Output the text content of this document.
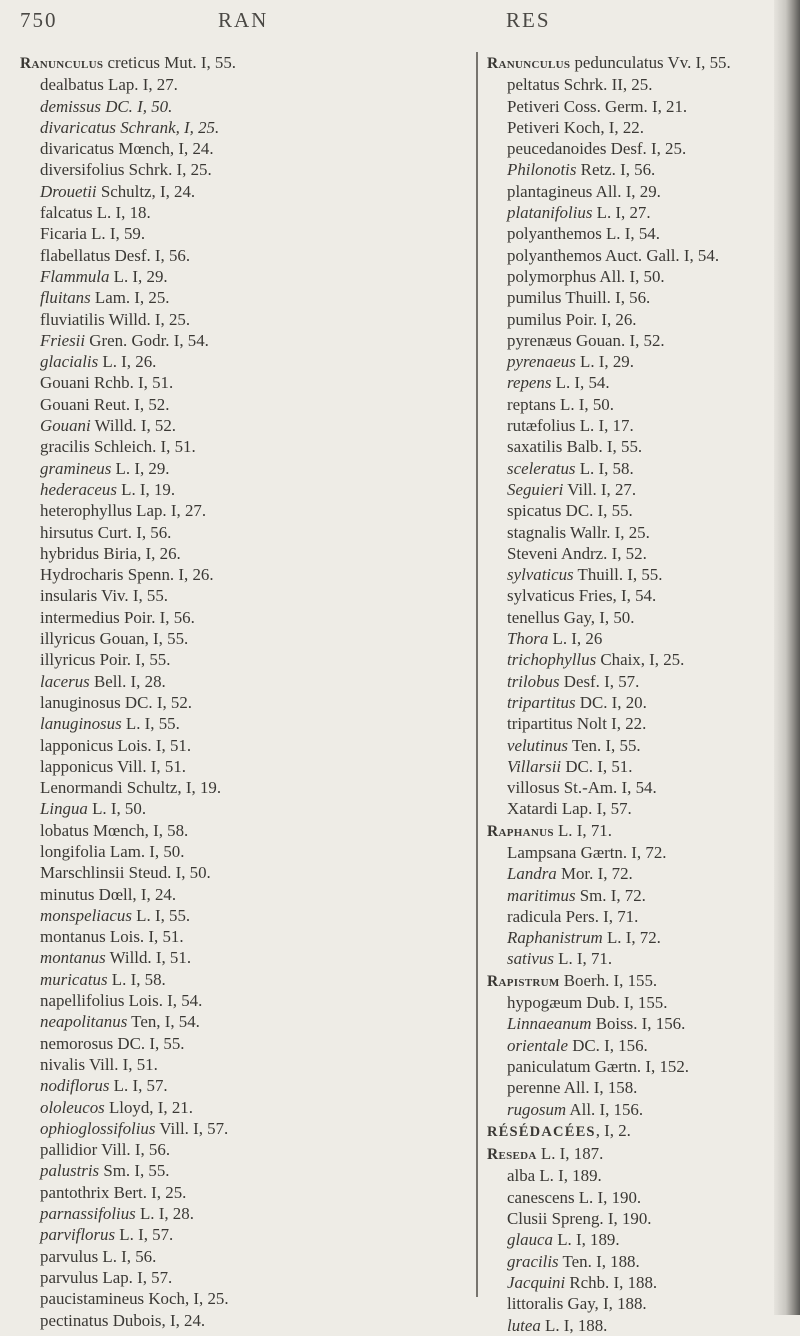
750	RAN	RES
Ranunculus creticus Mut. I, 55.
dealbatus Lap. I, 27.
demissus DC. I, 50.
divaricatus Schrank, I, 25.
divaricatus Mœnch, I, 24.
diversifolius Schrk. I, 25.
Drouetii Schultz, I, 24.
falcatus L. I, 18.
Ficaria L. I, 59.
flabellatus Desf. I, 56.
Flammula L. I, 29.
fluitans Lam. I, 25.
fluviatilis Willd. I, 25.
Friesii Gren. Godr. I, 54.
glacialis L. I, 26.
Gouani Rchb. I, 51.
Gouani Reut. I, 52.
Gouani Willd. I, 52.
gracilis Schleich. I, 51.
gramineus L. I, 29.
hederaceus L. I, 19.
heterophyllus Lap. I, 27.
hirsutus Curt. I, 56.
hybridus Biria, I, 26.
Hydrocharis Spenn. I, 26.
insularis Viv. I, 55.
intermedius Poir. I, 56.
illyricus Gouan, I, 55.
illyricus Poir. I, 55.
lacerus Bell. I, 28.
lanuginosus DC. I, 52.
lanuginosus L. I, 55.
lapponicus Lois. I, 51.
lapponicus Vill. I, 51.
Lenormandi Schultz, I, 19.
Lingua L. I, 50.
lobatus Mœnch, I, 58.
longifolia Lam. I, 50.
Marschlinsii Steud. I, 50.
minutus Dœll, I, 24.
monspeliacus L. I, 55.
montanus Lois. I, 51.
montanus Willd. I, 51.
muricatus L. I, 58.
napellifolius Lois. I, 54.
neapolitanus Ten, I, 54.
nemorosus DC. I, 55.
nivalis Vill. I, 51.
nodiflorus L. I, 57.
ololeucos Lloyd, I, 21.
ophioglossifolius Vill. I, 57.
pallidior Vill. I, 56.
palustris Sm. I, 55.
pantothrix Bert. I, 25.
parnassifolius L. I, 28.
parviflorus L. I, 57.
parvulus L. I, 56.
parvulus Lap. I, 57.
paucistamineus Koch, I, 25.
pectinatus Dubois, I, 24.
Ranunculus pedunculatus Vv. I, 55.
peltatus Schrk. II, 25.
Petiveri Coss. Germ. I, 21.
Petiveri Koch, I, 22.
peucedanoides Desf. I, 25.
Philonotis Retz. I, 56.
plantagineus All. I, 29.
platanifolius L. I, 27.
polyanthemos L. I, 54.
polyanthemos Auct. Gall. I, 54.
polymorphus All. I, 50.
pumilus Thuill. I, 56.
pumilus Poir. I, 26.
pyrenæus Gouan. I, 52.
pyrenaeus L. I, 29.
repens L. I, 54.
reptans L. I, 50.
rutæfolius L. I, 17.
saxatilis Balb. I, 55.
sceleratus L. I, 58.
Seguieri Vill. I, 27.
spicatus DC. I, 55.
stagnalis Wallr. I, 25.
Steveni Andrz. I, 52.
sylvaticus Thuill. I, 55.
sylvaticus Fries, I, 54.
tenellus Gay, I, 50.
Thora L. I, 26
trichophyllus Chaix, I, 25.
trilobus Desf. I, 57.
tripartitus DC. I, 20.
tripartitus Nolt I, 22.
velutinus Ten. I, 55.
Villarsii DC. I, 51.
villosus St.-Am. I, 54.
Xatardi Lap. I, 57.
Raphanus L. I, 71.
Lampsana Gærtn. I, 72.
Landra Mor. I, 72.
maritimus Sm. I, 72.
radicula Pers. I, 71.
Raphanistrum L. I, 72.
sativus L. I, 71.
Rapistrum Boerh. I, 155.
hypogæum Dub. I, 155.
Linnaeanum Boiss. I, 156.
orientale DC. I, 156.
paniculatum Gærtn. I, 152.
perenne All. I, 158.
rugosum All. I, 156.
RÉSÉDACÉES, I, 2.
Reseda L. I, 187.
alba L. I, 189.
canescens L. I, 190.
Clusii Spreng. I, 190.
glauca L. I, 189.
gracilis Ten. I, 188.
Jacquini Rchb. I, 188.
littoralis Gay, I, 188.
lutea L. I, 188.
